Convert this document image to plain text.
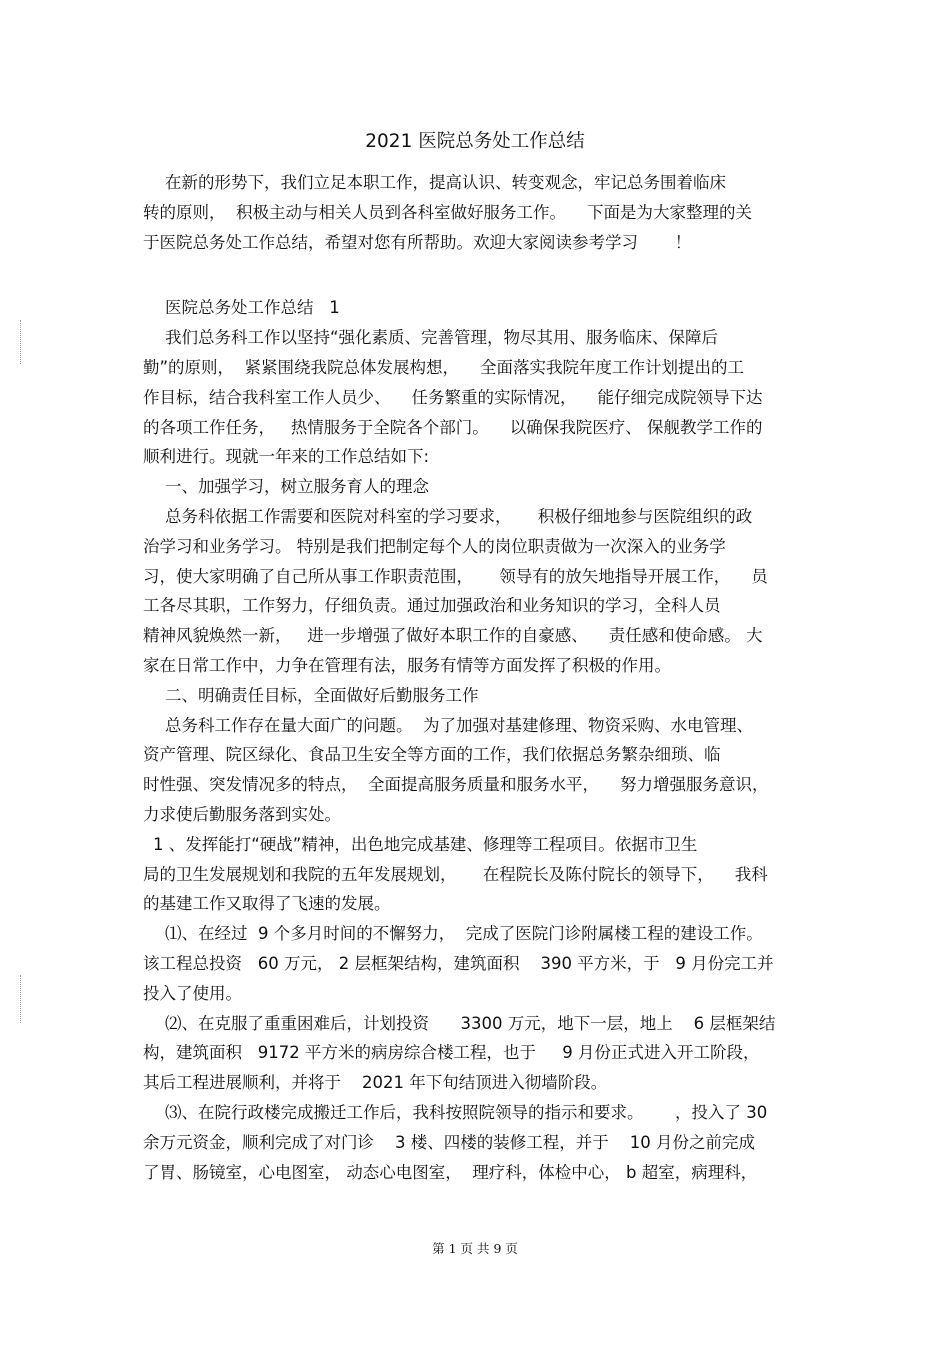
2021 医院总务处工作总结
在新的形势下，我们立足本职工作，提高认识、转变观念，牢记总务围着临床
转的原则，  积极主动与相关人员到各科室做好服务工作。    下面是为大家整理的关
于医院总务处工作总结，希望对您有所帮助。欢迎大家阅读参考学习       ！
医院总务处工作总结   1
我们总务科工作以坚持“强化素质、完善管理，物尽其用、服务临床、保障后
勤”的原则，  紧紧围绕我院总体发展构想，    全面落实我院年度工作计划提出的工
作目标，结合我科室工作人员少、    任务繁重的实际情况，    能仔细完成院领导下达
的各项工作任务，   热情服务于全院各个部门。    以确保我院医疗、 保舰教学工作的
顺利进行。现就一年来的工作总结如下:
一、加强学习，树立服务育人的理念
总务科依据工作需要和医院对科室的学习要求，     积极仔细地参与医院组织的政
治学习和业务学习。 特别是我们把制定每个人的岗位职责做为一次深入的业务学
习，使大家明确了自己所从事工作职责范围，     领导有的放矢地指导开展工作，    员
工各尽其职，工作努力，仔细负责。通过加强政治和业务知识的学习，全科人员
精神风貌焕然一新，   进一步增强了做好本职工作的自豪感、    责任感和使命感。 大
家在日常工作中，力争在管理有法，服务有情等方面发挥了积极的作用。
二、明确责任目标，全面做好后勤服务工作
总务科工作存在量大面广的问题。  为了加强对基建修理、物资采购、水电管理、
资产管理、院区绿化、食品卫生安全等方面的工作，我们依据总务繁杂细琐、临
时性强、突发情况多的特点，  全面提高服务质量和服务水平，    努力增强服务意识，
力求使后勤服务落到实处。
1 、发挥能打“硬战”精神，出色地完成基建、修理等工程项目。依据市卫生
局的卫生发展规划和我院的五年发展规划，     在程院长及陈付院长的领导下，    我科
的基建工作又取得了飞速的发展。
⑴、在经过  9 个多月时间的不懈努力，  完成了医院门诊附属楼工程的建设工作。
该工程总投资   60 万元， 2 层框架结构，建筑面积    390 平方米，于   9 月份完工并
投入了使用。
⑵、在克服了重重困难后，计划投资      3300 万元，地下一层，地上    6 层框架结
构，建筑面积   9172 平方米的病房综合楼工程，也于     9 月份正式进入开工阶段，
其后工程进展顺利，并将于    2021 年下旬结顶进入彻墙阶段。
⑶、在院行政楼完成搬迁工作后，我科按照院领导的指示和要求。      ，投入了 30
余万元资金，顺利完成了对门诊    3 楼、四楼的装修工程，并于    10 月份之前完成
了胃、肠镜室，心电图室， 动态心电图室，  理疗科，体检中心， b 超室，病理科，
第 1 页 共 9 页
